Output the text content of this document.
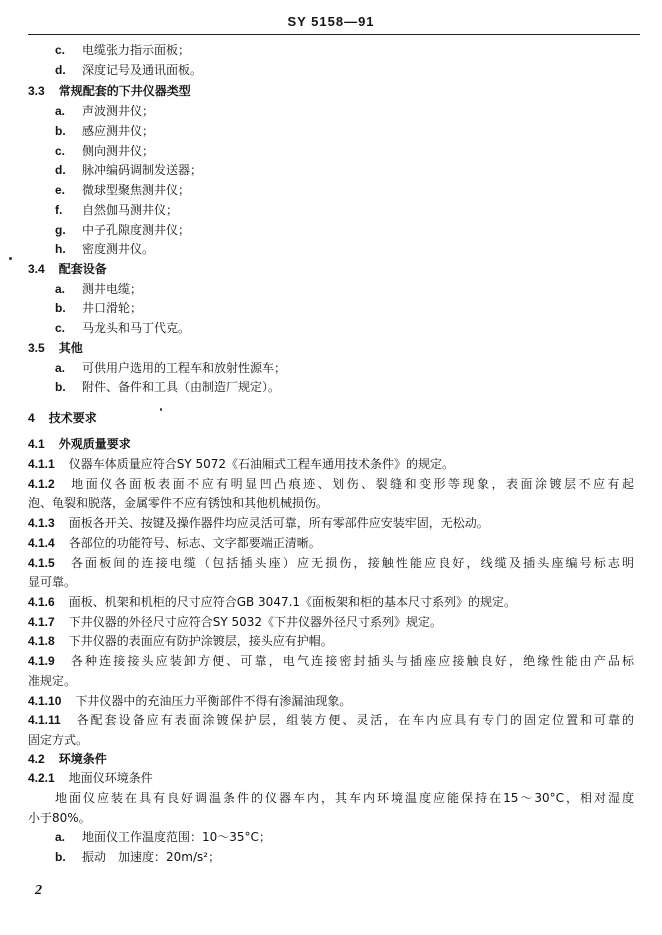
SY 5158—91
c. 电缆张力指示面板；
d. 深度记号及通讯面板。
3.3 常规配套的下井仪器类型
a. 声波测井仪；
b. 感应测井仪；
c. 侧向测井仪；
d. 脉冲编码调制发送器；
e. 微球型聚焦测井仪；
f. 自然伽马测井仪；
g. 中子孔隙度测井仪；
h. 密度测井仪。
3.4 配套设备
a. 测井电缆；
b. 井口滑轮；
c. 马龙头和马丁代克。
3.5 其他
a. 可供用户选用的工程车和放射性源车；
b. 附件、备件和工具（由制造厂规定）。
4 技术要求
4.1 外观质量要求
4.1.1 仪器车体质量应符合SY 5072《石油厢式工程车通用技术条件》的规定。
4.1.2 地面仪各面板表面不应有明显凹凸痕迹、划伤、裂缝和变形等现象，表面涂镀层不应有起
泡、龟裂和脱落，金属零件不应有锈蚀和其他机械损伤。
4.1.3 面板各开关、按键及操作器件均应灵活可靠，所有零部件应安装牢固，无松动。
4.1.4 各部位的功能符号、标志、文字都要端正清晰。
4.1.5 各面板间的连接电缆（包括插头座）应无损伤，接触性能应良好，线缆及插头座编号标志明
显可靠。
4.1.6 面板、机架和机柜的尺寸应符合GB 3047.1《面板架和柜的基本尺寸系列》的规定。
4.1.7 下井仪器的外径尺寸应符合SY 5032《下井仪器外径尺寸系列》规定。
4.1.8 下井仪器的表面应有防护涂镀层，接头应有护帽。
4.1.9 各种连接接头应装卸方便、可靠，电气连接密封插头与插座应接触良好，绝缘性能由产品标
准规定。
4.1.10 下井仪器中的充油压力平衡部件不得有渗漏油现象。
4.1.11 各配套设备应有表面涂镀保护层，组装方便、灵活，在车内应具有专门的固定位置和可靠的
固定方式。
4.2 环境条件
4.2.1 地面仪环境条件
地面仪应装在具有良好调温条件的仪器车内，其车内环境温度应能保持在15～30°C，相对湿度
小于80%。
a. 地面仪工作温度范围：10～35°C；
b. 振动　加速度：20m/s²；
2
